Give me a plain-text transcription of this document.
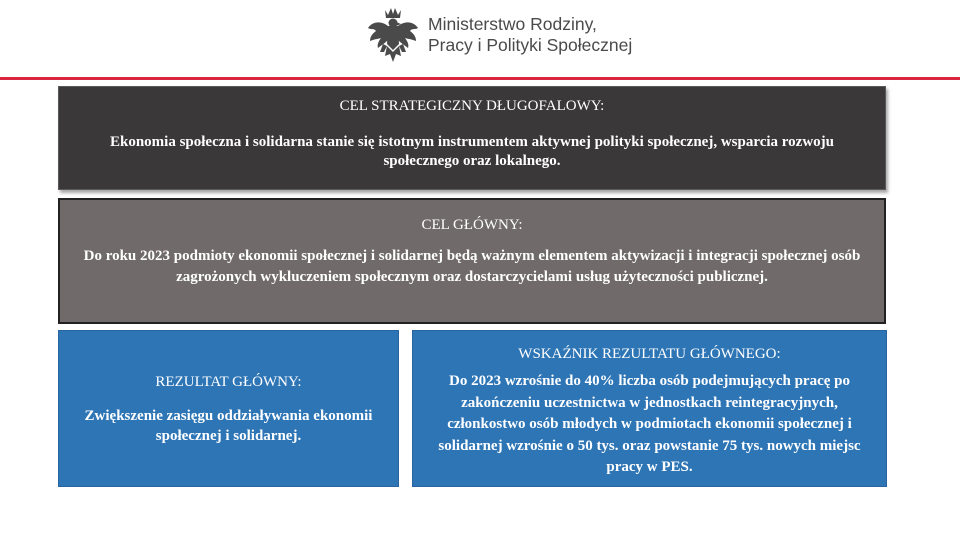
Ministerstwo Rodziny,
Pracy i Polityki Społecznej
CEL STRATEGICZNY DŁUGOFALOWY:
Ekonomia społeczna i solidarna stanie się istotnym instrumentem aktywnej polityki społecznej, wsparcia rozwoju społecznego oraz lokalnego.
CEL GŁÓWNY:
Do roku 2023 podmioty ekonomii społecznej i solidarnej będą ważnym elementem aktywizacji i integracji społecznej osób zagrożonych wykluczeniem społecznym oraz dostarczycielami usług użyteczności publicznej.
REZULTAT GŁÓWNY:
Zwiększenie zasięgu oddziaływania ekonomii społecznej i solidarnej.
WSKAŹNIK REZULTATU GŁÓWNEGO:
Do 2023 wzrośnie do 40% liczba osób podejmujących pracę po zakończeniu uczestnictwa w jednostkach reintegracyjnych, członkostwo osób młodych w podmiotach ekonomii społecznej i solidarnej wzrośnie o 50 tys. oraz powstanie 75 tys. nowych miejsc pracy w PES.
